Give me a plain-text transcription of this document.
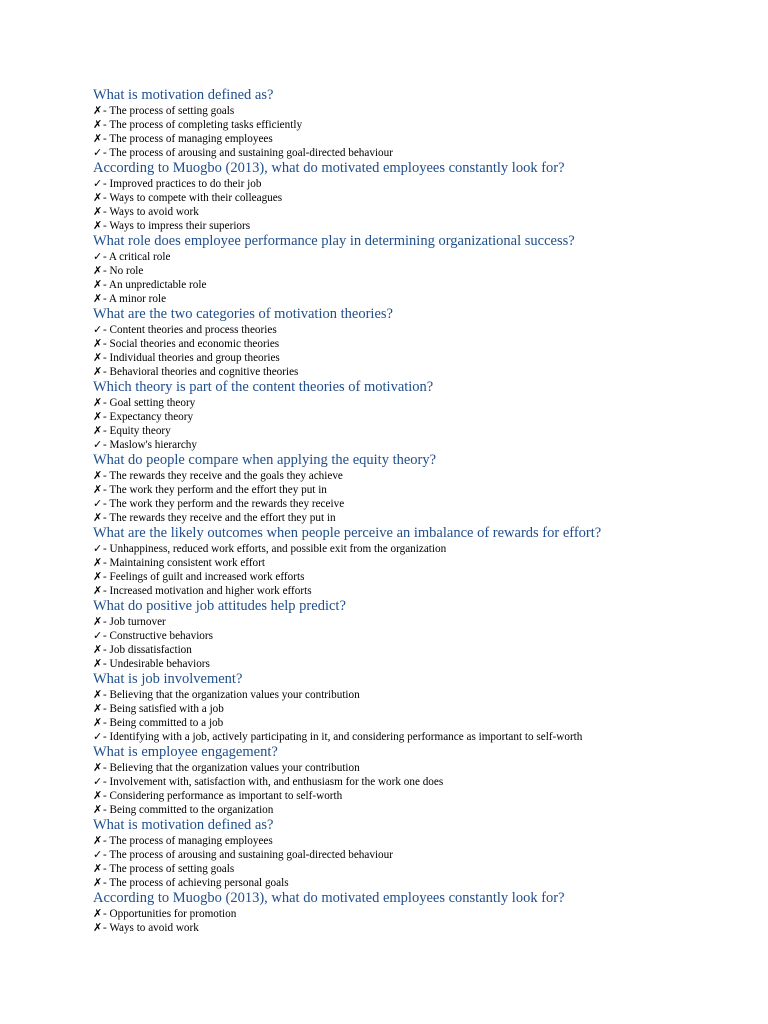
What is motivation defined as?
✗- The process of setting goals
✗- The process of completing tasks efficiently
✗- The process of managing employees
✓- The process of arousing and sustaining goal-directed behaviour
According to Muogbo (2013), what do motivated employees constantly look for?
✓- Improved practices to do their job
✗- Ways to compete with their colleagues
✗- Ways to avoid work
✗- Ways to impress their superiors
What role does employee performance play in determining organizational success?
✓- A critical role
✗- No role
✗- An unpredictable role
✗- A minor role
What are the two categories of motivation theories?
✓- Content theories and process theories
✗- Social theories and economic theories
✗- Individual theories and group theories
✗- Behavioral theories and cognitive theories
Which theory is part of the content theories of motivation?
✗- Goal setting theory
✗- Expectancy theory
✗- Equity theory
✓- Maslow's hierarchy
What do people compare when applying the equity theory?
✗- The rewards they receive and the goals they achieve
✗- The work they perform and the effort they put in
✓- The work they perform and the rewards they receive
✗- The rewards they receive and the effort they put in
What are the likely outcomes when people perceive an imbalance of rewards for effort?
✓- Unhappiness, reduced work efforts, and possible exit from the organization
✗- Maintaining consistent work effort
✗- Feelings of guilt and increased work efforts
✗- Increased motivation and higher work efforts
What do positive job attitudes help predict?
✗- Job turnover
✓- Constructive behaviors
✗- Job dissatisfaction
✗- Undesirable behaviors
What is job involvement?
✗- Believing that the organization values your contribution
✗- Being satisfied with a job
✗- Being committed to a job
✓- Identifying with a job, actively participating in it, and considering performance as important to self-worth
What is employee engagement?
✗- Believing that the organization values your contribution
✓- Involvement with, satisfaction with, and enthusiasm for the work one does
✗- Considering performance as important to self-worth
✗- Being committed to the organization
What is motivation defined as?
✗- The process of managing employees
✓- The process of arousing and sustaining goal-directed behaviour
✗- The process of setting goals
✗- The process of achieving personal goals
According to Muogbo (2013), what do motivated employees constantly look for?
✗- Opportunities for promotion
✗- Ways to avoid work
